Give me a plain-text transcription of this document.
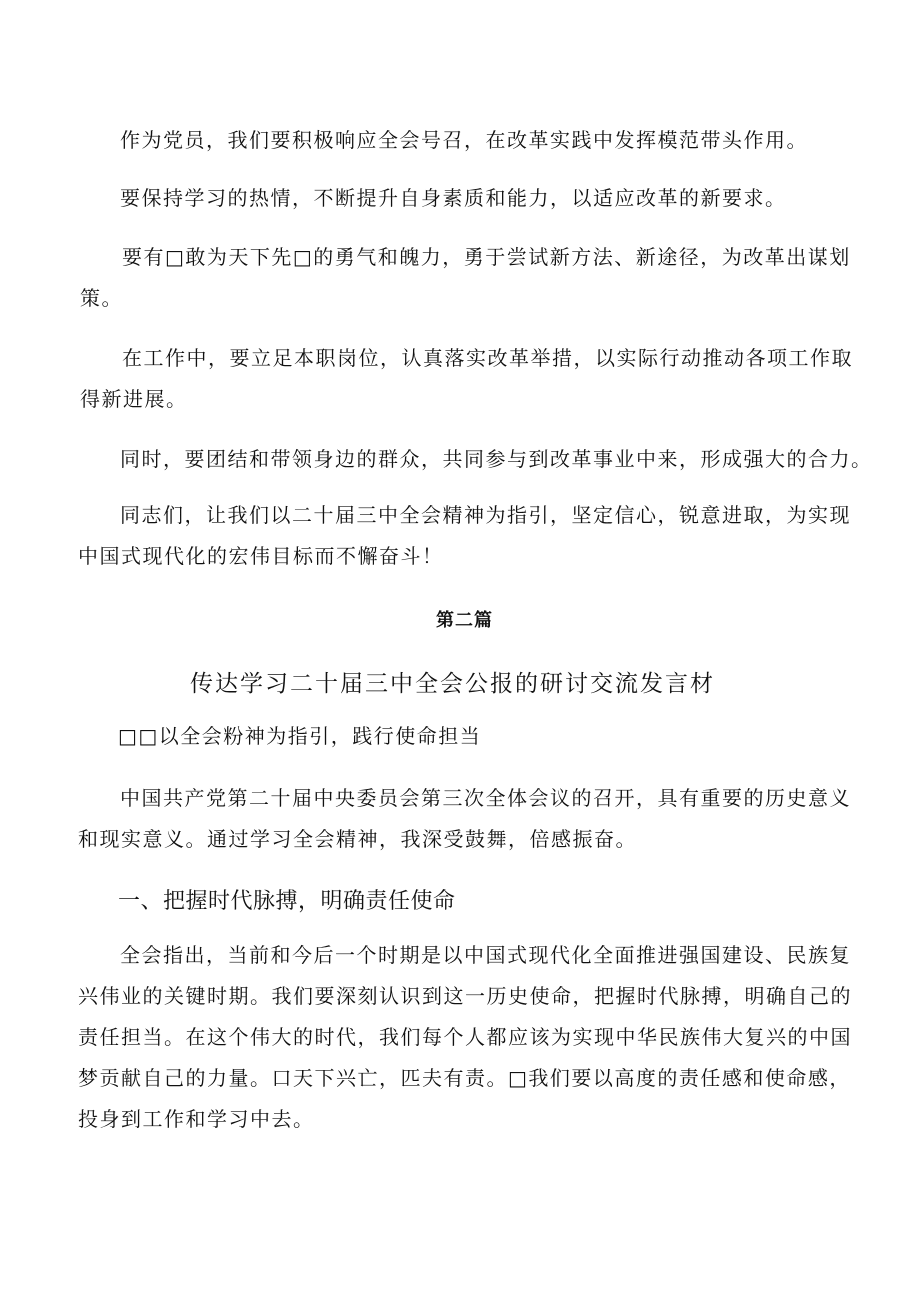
作为党员，我们要积极响应全会号召，在改革实践中发挥模范带头作用。
要保持学习的热情，不断提升自身素质和能力，以适应改革的新要求。
要有□敢为天下先□的勇气和魄力，勇于尝试新方法、新途径，为改革出谋划
策。
在工作中，要立足本职岗位，认真落实改革举措，以实际行动推动各项工作取
得新进展。
同时，要团结和带领身边的群众，共同参与到改革事业中来，形成强大的合力。
同志们，让我们以二十届三中全会精神为指引，坚定信心，锐意进取，为实现
中国式现代化的宏伟目标而不懈奋斗！
第二篇
传达学习二十届三中全会公报的研讨交流发言材
□□以全会粉神为指引，践行使命担当
中国共产党第二十届中央委员会第三次全体会议的召开，具有重要的历史意义
和现实意义。通过学习全会精神，我深受鼓舞，倍感振奋。
一、把握时代脉搏，明确责任使命
全会指出，当前和今后一个时期是以中国式现代化全面推进强国建设、民族复
兴伟业的关键时期。我们要深刻认识到这一历史使命，把握时代脉搏，明确自己的
责任担当。在这个伟大的时代，我们每个人都应该为实现中华民族伟大复兴的中国
梦贡献自己的力量。口天下兴亡，匹夫有责。□我们要以高度的责任感和使命感，
投身到工作和学习中去。
